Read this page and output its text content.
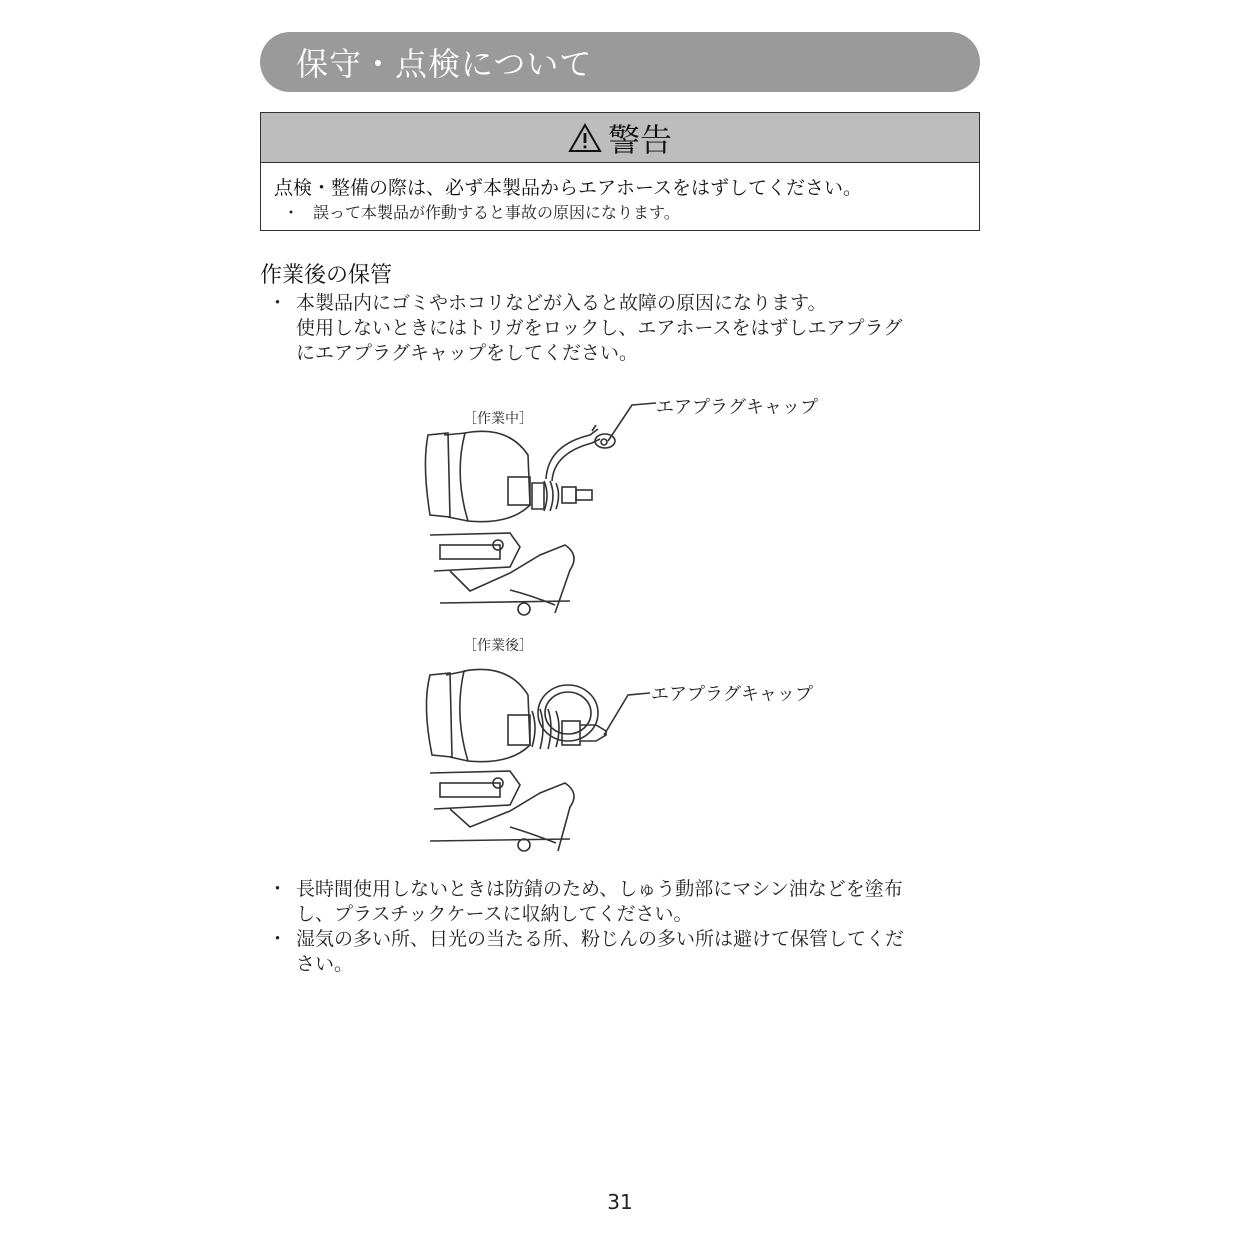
保守・点検について
警告
点検・整備の際は、必ず本製品からエアホースをはずしてください。
・ 誤って本製品が作動すると事故の原因になります。
作業後の保管
・ 本製品内にゴミやホコリなどが入ると故障の原因になります。
使用しないときにはトリガをロックし、エアホースをはずしエアプラグ
にエアプラグキャップをしてください。
［作業中］
エアプラグキャップ
［作業後］
エアプラグキャップ
・ 長時間使用しないときは防錆のため、しゅう動部にマシン油などを塗布
し、プラスチックケースに収納してください。
・ 湿気の多い所、日光の当たる所、粉じんの多い所は避けて保管してくだ
さい。
31
